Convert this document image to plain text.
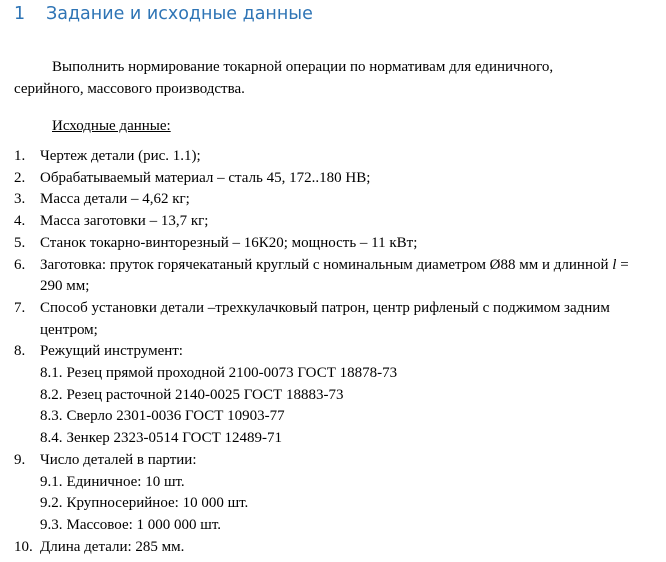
1 Задание и исходные данные

Выполнить нормирование токарной операции по нормативам для единичного, серийного, массового производства.

Исходные данные:

1. Чертеж детали (рис. 1.1);
2. Обрабатываемый материал – сталь 45, 172..180 НВ;
3. Масса детали – 4,62 кг;
4. Масса заготовки – 13,7 кг;
5. Станок токарно-винторезный – 16К20; мощность – 11 кВт;
6. Заготовка: пруток горячекатаный круглый с номинальным диаметром Ø88 мм и длинной l = 290 мм;
7. Способ установки детали –трехкулачковый патрон, центр рифленый с поджимом задним центром;
8. Режущий инструмент:
8.1. Резец прямой проходной 2100-0073 ГОСТ 18878-73
8.2. Резец расточной 2140-0025 ГОСТ 18883-73
8.3. Сверло 2301-0036 ГОСТ 10903-77
8.4. Зенкер 2323-0514 ГОСТ 12489-71
9. Число деталей в партии:
9.1. Единичное: 10 шт.
9.2. Крупносерийное: 10 000 шт.
9.3. Массовое: 1 000 000 шт.
10. Длина детали: 285 мм.
